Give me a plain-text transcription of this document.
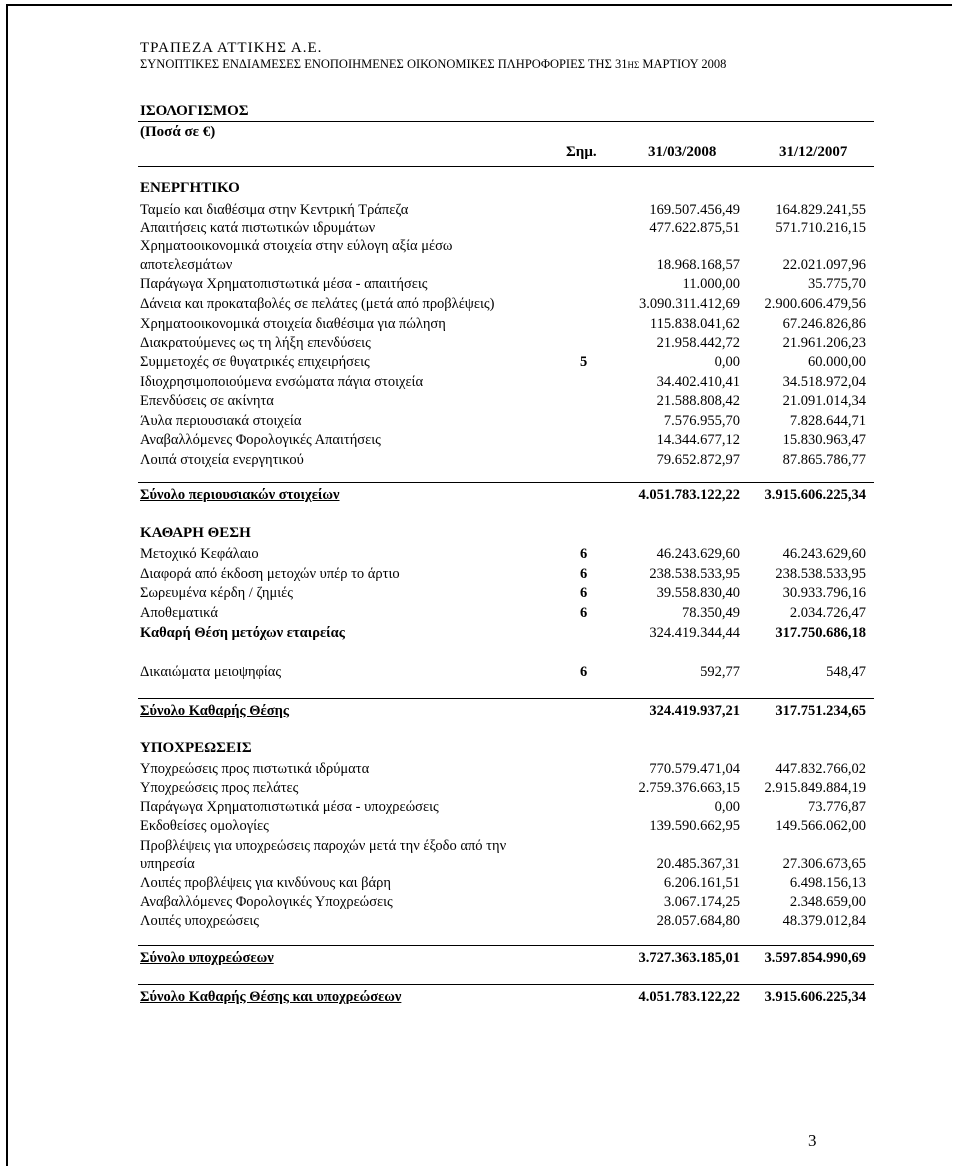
ΤΡΑΠΕΖΑ ΑΤΤΙΚΗΣ Α.Ε.
ΣΥΝΟΠΤΙΚΕΣ ΕΝΔΙΑΜΕΣΕΣ ΕΝΟΠΟΙΗΜΕΝΕΣ ΟΙΚΟΝΟΜΙΚΕΣ ΠΛΗΡΟΦΟΡΙΕΣ ΤΗΣ 31ΗΣ ΜΑΡΤΙΟΥ 2008
ΙΣΟΛΟΓΙΣΜΟΣ
(Ποσά σε €)
Σημ.	31/03/2008	31/12/2007
ΕΝΕΡΓΗΤΙΚΟ
Ταμείο και διαθέσιμα στην Κεντρική Τράπεζα	169.507.456,49 164.829.241,55
Απαιτήσεις κατά πιστωτικών ιδρυμάτων	477.622.875,51 571.710.216,15
Χρηματοοικονομικά στοιχεία στην εύλογη αξία μέσω
αποτελεσμάτων	18.968.168,57	22.021.097,96
Παράγωγα Χρηματοπιστωτικά μέσα - απαιτήσεις	11.000,00	35.775,70
Δάνεια και προκαταβολές σε πελάτες (μετά από προβλέψεις)	3.090.311.412,69 2.900.606.479,56
Χρηματοοικονομικά στοιχεία διαθέσιμα για πώληση	115.838.041,62	67.246.826,86
Διακρατούμενες ως τη λήξη επενδύσεις	21.958.442,72	21.961.206,23
Συμμετοχές σε θυγατρικές επιχειρήσεις	5	0,00	60.000,00
Ιδιοχρησιμοποιούμενα ενσώματα πάγια στοιχεία	34.402.410,41	34.518.972,04
Επενδύσεις σε ακίνητα	21.588.808,42	21.091.014,34
Άυλα περιουσιακά στοιχεία	7.576.955,70	7.828.644,71
Αναβαλλόμενες Φορολογικές Απαιτήσεις	14.344.677,12	15.830.963,47
Λοιπά στοιχεία ενεργητικού	79.652.872,97	87.865.786,77
Σύνολο περιουσιακών στοιχείων	4.051.783.122,22 3.915.606.225,34
ΚΑΘΑΡΗ ΘΕΣΗ
Μετοχικό Κεφάλαιο	6	46.243.629,60	46.243.629,60
Διαφορά από έκδοση μετοχών υπέρ το άρτιο	6	238.538.533,95 238.538.533,95
Σωρευμένα κέρδη / ζημιές	6	39.558.830,40	30.933.796,16
Αποθεματικά	6	78.350,49	2.034.726,47
Καθαρή Θέση μετόχων εταιρείας	324.419.344,44 317.750.686,18
Δικαιώματα μειοψηφίας	6	592,77	548,47
Σύνολο Καθαρής Θέσης	324.419.937,21 317.751.234,65
ΥΠΟΧΡΕΩΣΕΙΣ
Υποχρεώσεις προς πιστωτικά ιδρύματα	770.579.471,04 447.832.766,02
Υποχρεώσεις προς πελάτες	2.759.376.663,15 2.915.849.884,19
Παράγωγα Χρηματοπιστωτικά μέσα - υποχρεώσεις	0,00	73.776,87
Εκδοθείσες ομολογίες	139.590.662,95 149.566.062,00
Προβλέψεις για υποχρεώσεις παροχών μετά την έξοδο από την
υπηρεσία	20.485.367,31	27.306.673,65
Λοιπές προβλέψεις για κινδύνους και βάρη	6.206.161,51	6.498.156,13
Αναβαλλόμενες Φορολογικές Υποχρεώσεις	3.067.174,25	2.348.659,00
Λοιπές υποχρεώσεις	28.057.684,80	48.379.012,84
Σύνολο υποχρεώσεων	3.727.363.185,01 3.597.854.990,69
Σύνολο Καθαρής Θέσης και υποχρεώσεων	4.051.783.122,22 3.915.606.225,34
3
